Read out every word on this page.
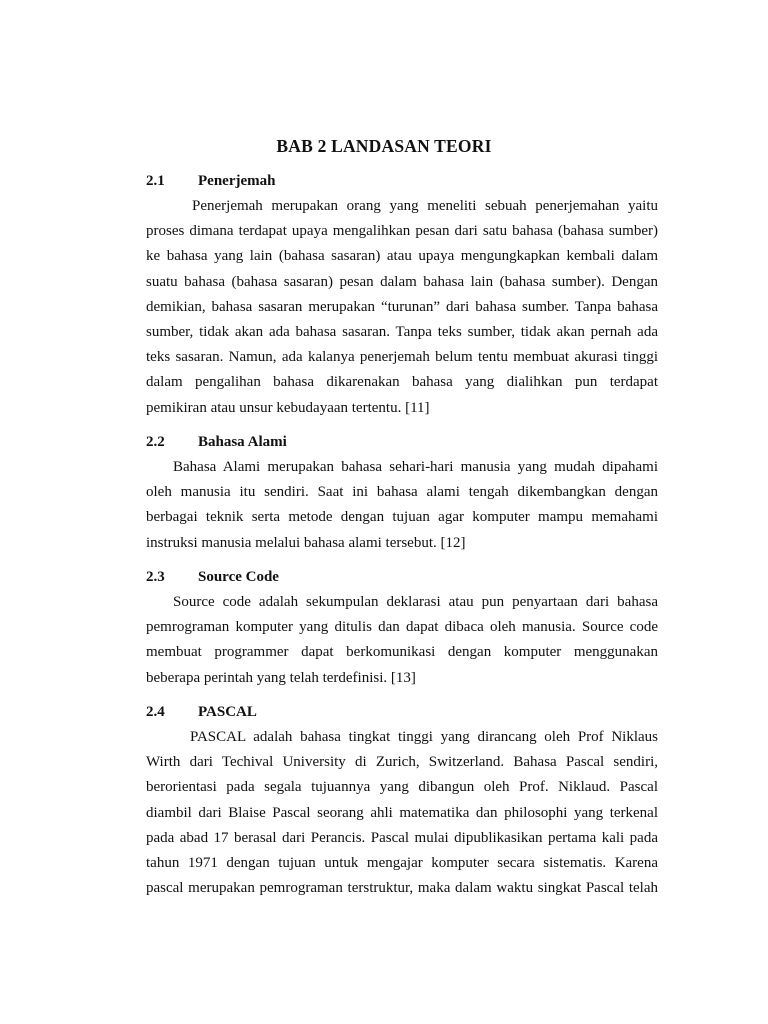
BAB 2 LANDASAN TEORI
2.1 Penerjemah
Penerjemah merupakan orang yang meneliti sebuah penerjemahan yaitu
proses dimana terdapat upaya mengalihkan pesan dari satu bahasa (bahasa sumber)
ke bahasa yang lain (bahasa sasaran) atau upaya mengungkapkan kembali dalam
suatu bahasa (bahasa sasaran) pesan dalam bahasa lain (bahasa sumber). Dengan
demikian, bahasa sasaran merupakan “turunan” dari bahasa sumber. Tanpa bahasa
sumber, tidak akan ada bahasa sasaran. Tanpa teks sumber, tidak akan pernah ada
teks sasaran. Namun, ada kalanya penerjemah belum tentu membuat akurasi tinggi
dalam pengalihan bahasa dikarenakan bahasa yang dialihkan pun terdapat
pemikiran atau unsur kebudayaan tertentu. [11]
2.2 Bahasa Alami
Bahasa Alami merupakan bahasa sehari-hari manusia yang mudah dipahami
oleh manusia itu sendiri. Saat ini bahasa alami tengah dikembangkan dengan
berbagai teknik serta metode dengan tujuan agar komputer mampu memahami
instruksi manusia melalui bahasa alami tersebut. [12]
2.3 Source Code
Source code adalah sekumpulan deklarasi atau pun penyartaan dari bahasa
pemrograman komputer yang ditulis dan dapat dibaca oleh manusia. Source code
membuat programmer dapat berkomunikasi dengan komputer menggunakan
beberapa perintah yang telah terdefinisi. [13]
2.4 PASCAL
PASCAL adalah bahasa tingkat tinggi yang dirancang oleh Prof Niklaus
Wirth dari Techival University di Zurich, Switzerland. Bahasa Pascal sendiri,
berorientasi pada segala tujuannya yang dibangun oleh Prof. Niklaud. Pascal
diambil dari Blaise Pascal seorang ahli matematika dan philosophi yang terkenal
pada abad 17 berasal dari Perancis. Pascal mulai dipublikasikan pertama kali pada
tahun 1971 dengan tujuan untuk mengajar komputer secara sistematis. Karena
pascal merupakan pemrograman terstruktur, maka dalam waktu singkat Pascal telah
